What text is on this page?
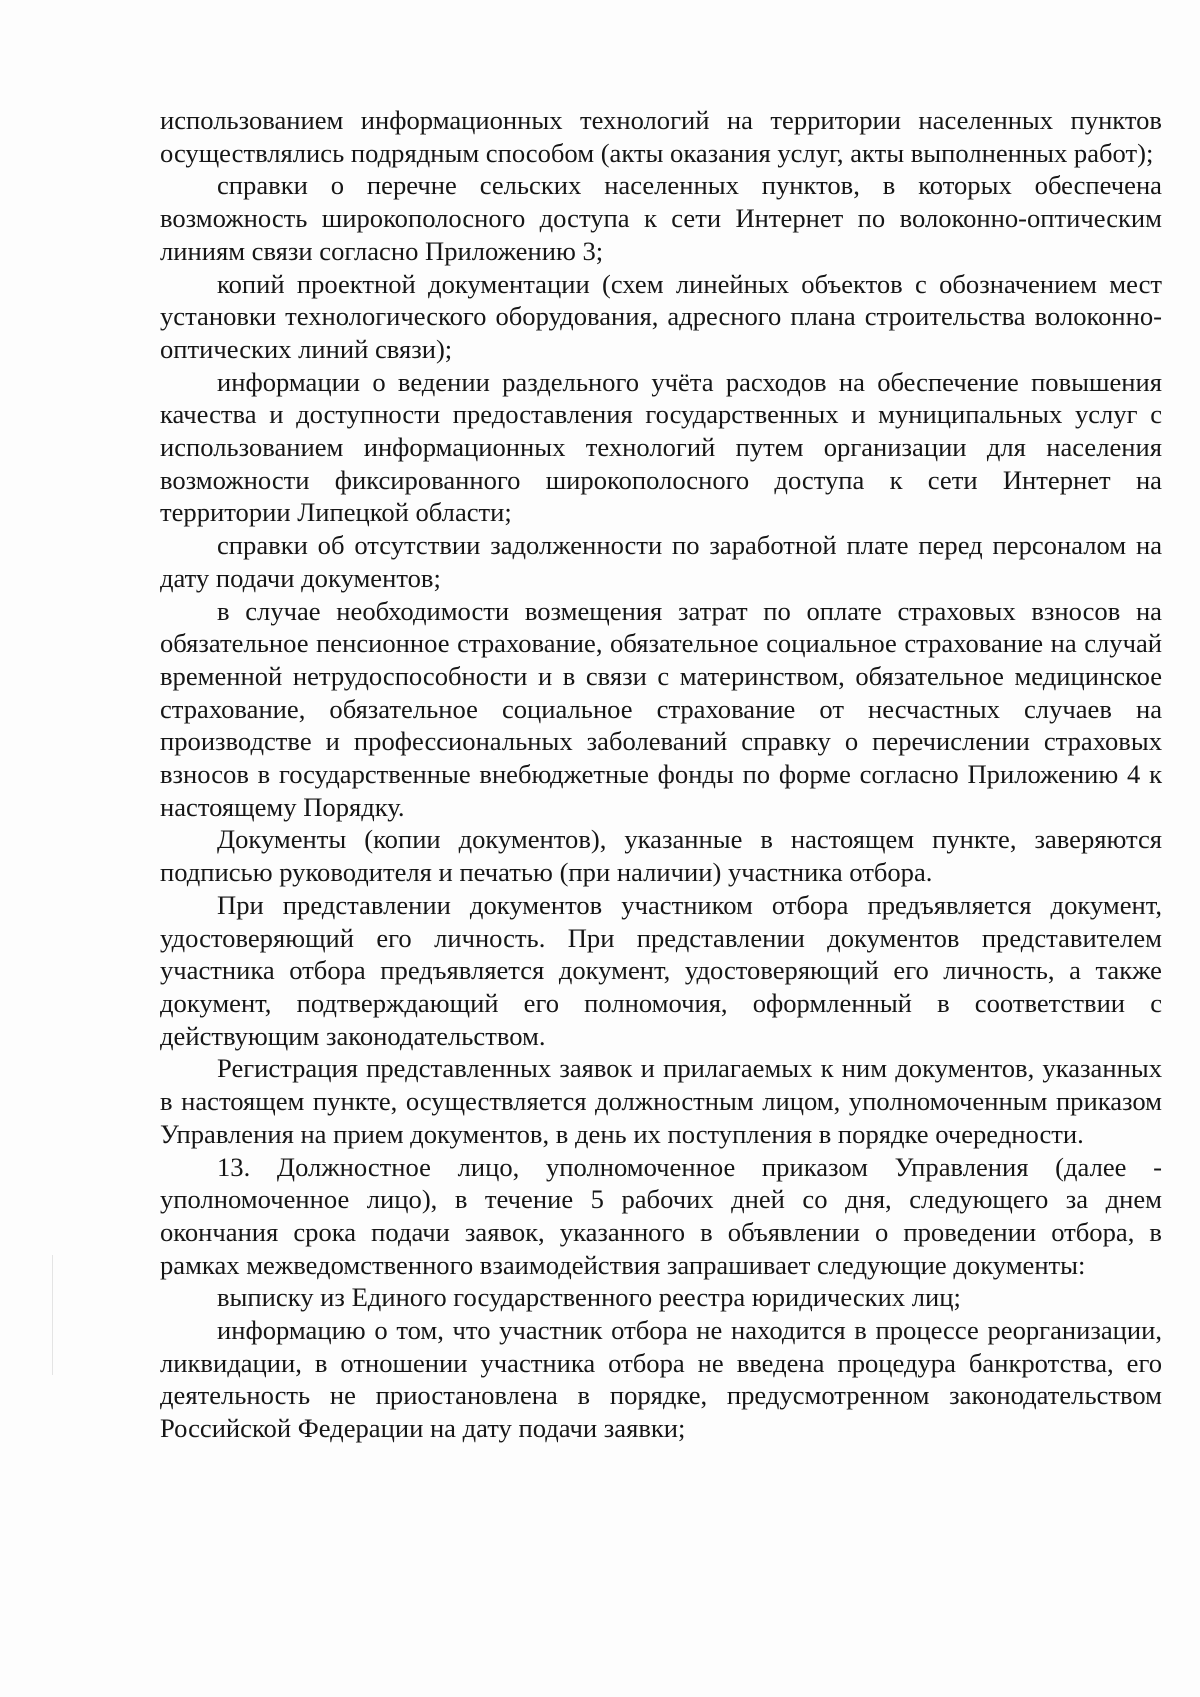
использованием информационных технологий на территории населенных пунктов осуществлялись подрядным способом (акты оказания услуг, акты выполненных работ);

справки о перечне сельских населенных пунктов, в которых обеспечена возможность широкополосного доступа к сети Интернет по волоконно-оптическим линиям связи согласно Приложению 3;

копий проектной документации (схем линейных объектов с обозначением мест установки технологического оборудования, адресного плана строительства волоконно-оптических линий связи);

информации о ведении раздельного учёта расходов на обеспечение повышения качества и доступности предоставления государственных и муниципальных услуг с использованием информационных технологий путем организации для населения возможности фиксированного широкополосного доступа к сети Интернет на территории Липецкой области;

справки об отсутствии задолженности по заработной плате перед персоналом на дату подачи документов;

в случае необходимости возмещения затрат по оплате страховых взносов на обязательное пенсионное страхование, обязательное социальное страхование на случай временной нетрудоспособности и в связи с материнством, обязательное медицинское страхование, обязательное социальное страхование от несчастных случаев на производстве и профессиональных заболеваний справку о перечислении страховых взносов в государственные внебюджетные фонды по форме согласно Приложению 4 к настоящему Порядку.

Документы (копии документов), указанные в настоящем пункте, заверяются подписью руководителя и печатью (при наличии) участника отбора.

При представлении документов участником отбора предъявляется документ, удостоверяющий его личность. При представлении документов представителем участника отбора предъявляется документ, удостоверяющий его личность, а также документ, подтверждающий его полномочия, оформленный в соответствии с действующим законодательством.

Регистрация представленных заявок и прилагаемых к ним документов, указанных в настоящем пункте, осуществляется должностным лицом, уполномоченным приказом Управления на прием документов, в день их поступления в порядке очередности.

13. Должностное лицо, уполномоченное приказом Управления (далее - уполномоченное лицо), в течение 5 рабочих дней со дня, следующего за днем окончания срока подачи заявок, указанного в объявлении о проведении отбора, в рамках межведомственного взаимодействия запрашивает следующие документы:

выписку из Единого государственного реестра юридических лиц;

информацию о том, что участник отбора не находится в процессе реорганизации, ликвидации, в отношении участника отбора не введена процедура банкротства, его деятельность не приостановлена в порядке, предусмотренном законодательством Российской Федерации на дату подачи заявки;
